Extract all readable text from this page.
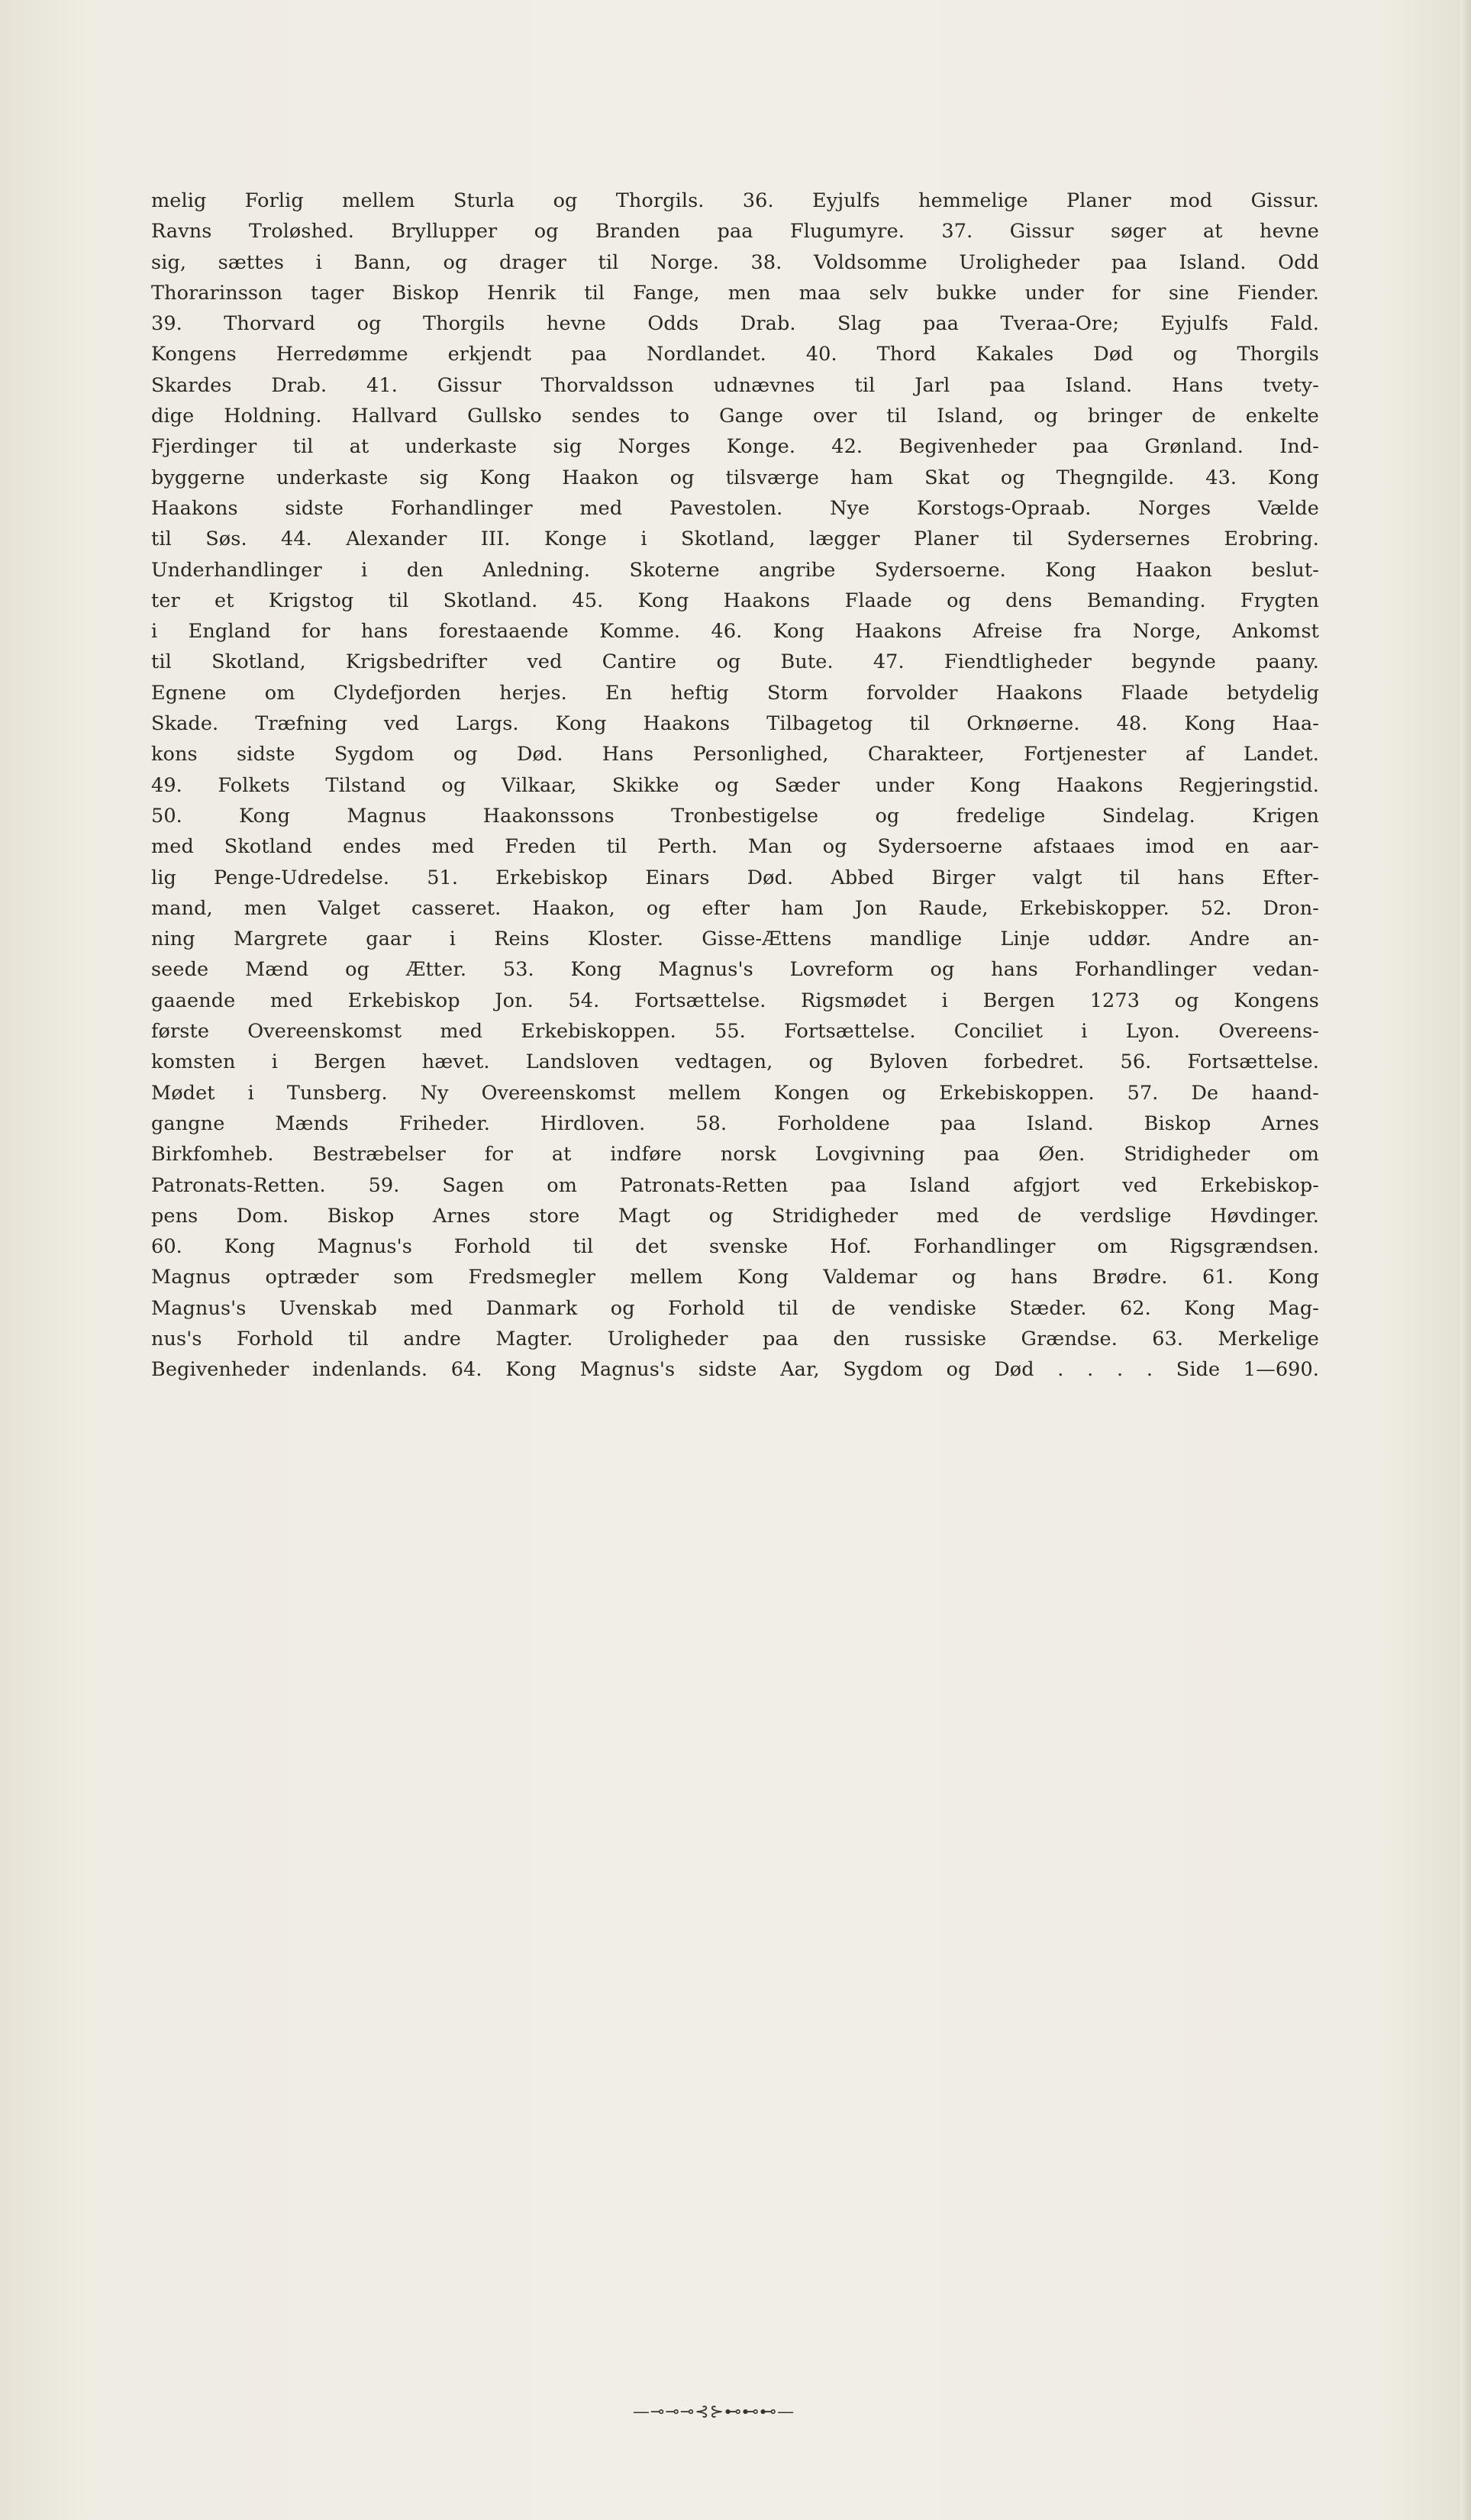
melig Forlig mellem Sturla og Thorgils. 36. Eyjulfs hemmelige Planer mod Gissur.
Ravns Troløshed. Bryllupper og Branden paa Flugumyre. 37. Gissur søger at hevne
sig, sættes i Bann, og drager til Norge. 38. Voldsomme Uroligheder paa Island. Odd
Thorarinsson tager Biskop Henrik til Fange, men maa selv bukke under for sine Fiender.
39. Thorvard og Thorgils hevne Odds Drab. Slag paa Tveraa-Ore; Eyjulfs Fald.
Kongens Herredømme erkjendt paa Nordlandet. 40. Thord Kakales Død og Thorgils
Skardes Drab. 41. Gissur Thorvaldsson udnævnes til Jarl paa Island. Hans tvety-
dige Holdning. Hallvard Gullsko sendes to Gange over til Island, og bringer de enkelte
Fjerdinger til at underkaste sig Norges Konge. 42. Begivenheder paa Grønland. Ind-
byggerne underkaste sig Kong Haakon og tilsværge ham Skat og Thegngilde. 43. Kong
Haakons sidste Forhandlinger med Pavestolen. Nye Korstogs-Opraab. Norges Vælde
til Søs. 44. Alexander III. Konge i Skotland, lægger Planer til Sydersernes Erobring.
Underhandlinger i den Anledning. Skoterne angribe Sydersoerne. Kong Haakon beslut-
ter et Krigstog til Skotland. 45. Kong Haakons Flaade og dens Bemanding. Frygten
i England for hans forestaaende Komme. 46. Kong Haakons Afreise fra Norge, Ankomst
til Skotland, Krigsbedrifter ved Cantire og Bute. 47. Fiendtligheder begynde paany.
Egnene om Clydefjorden herjes. En heftig Storm forvolder Haakons Flaade betydelig
Skade. Træfning ved Largs. Kong Haakons Tilbagetog til Orknøerne. 48. Kong Haa-
kons sidste Sygdom og Død. Hans Personlighed, Charakteer, Fortjenester af Landet.
49. Folkets Tilstand og Vilkaar, Skikke og Sæder under Kong Haakons Regjeringstid.
50. Kong Magnus Haakonssons Tronbestigelse og fredelige Sindelag. Krigen
med Skotland endes med Freden til Perth. Man og Sydersoerne afstaaes imod en aar-
lig Penge-Udredelse. 51. Erkebiskop Einars Død. Abbed Birger valgt til hans Efter-
mand, men Valget casseret. Haakon, og efter ham Jon Raude, Erkebiskopper. 52. Dron-
ning Margrete gaar i Reins Kloster. Gisse-Ættens mandlige Linje uddør. Andre an-
seede Mænd og Ætter. 53. Kong Magnus's Lovreform og hans Forhandlinger vedan-
gaaende med Erkebiskop Jon. 54. Fortsættelse. Rigsmødet i Bergen 1273 og Kongens
første Overeenskomst med Erkebiskoppen. 55. Fortsættelse. Conciliet i Lyon. Overeens-
komsten i Bergen hævet. Landsloven vedtagen, og Byloven forbedret. 56. Fortsættelse.
Mødet i Tunsberg. Ny Overeenskomst mellem Kongen og Erkebiskoppen. 57. De haand-
gangne Mænds Friheder. Hirdloven. 58. Forholdene paa Island. Biskop Arnes
Birkfomheb. Bestræbelser for at indføre norsk Lovgivning paa Øen. Stridigheder om
Patronats-Retten. 59. Sagen om Patronats-Retten paa Island afgjort ved Erkebiskop-
pens Dom. Biskop Arnes store Magt og Stridigheder med de verdslige Høvdinger.
60. Kong Magnus's Forhold til det svenske Hof. Forhandlinger om Rigsgrændsen.
Magnus optræder som Fredsmegler mellem Kong Valdemar og hans Brødre. 61. Kong
Magnus's Uvenskab med Danmark og Forhold til de vendiske Stæder. 62. Kong Mag-
nus's Forhold til andre Magter. Uroligheder paa den russiske Grændse. 63. Merkelige
Begivenheder indenlands. 64. Kong Magnus's sidste Aar, Sygdom og Død . . . . Side 1—690.
—⊸⊸⊸⊰⊱⊷⊷⊷—
